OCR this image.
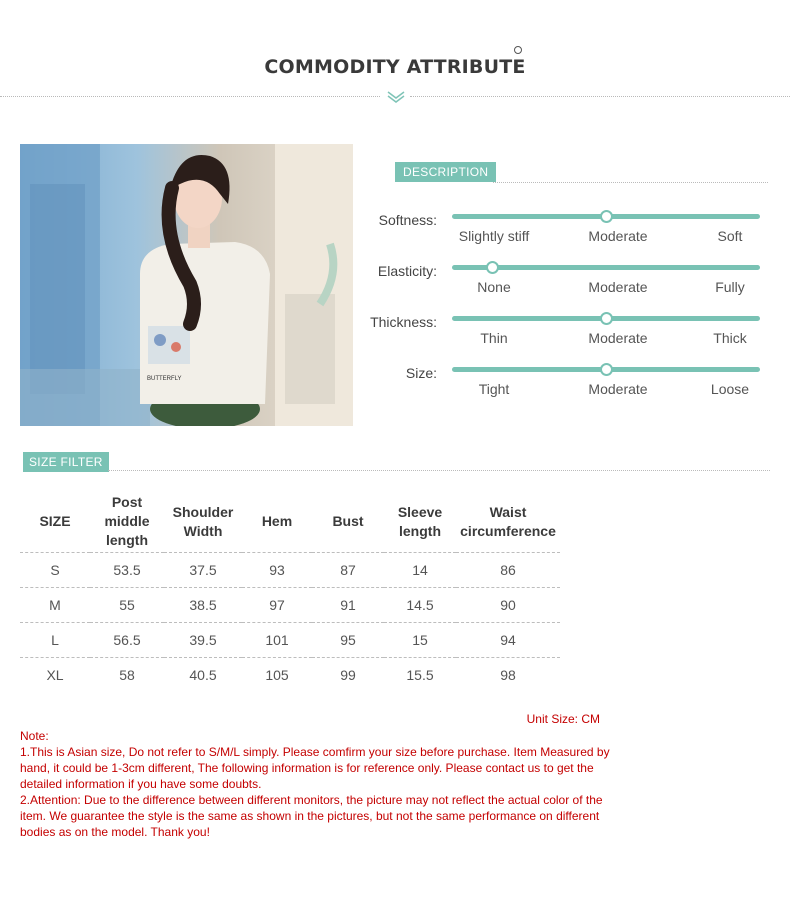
COMMODITY ATTRIBUTE
BUTTERFLY
DESCRIPTION
Softness:
Slightly stiff	Moderate	Soft
Elasticity:
None	Moderate	Fully
Thickness:
Thin	Moderate	Thick
Size:
Tight	Moderate	Loose
SIZE FILTER
SIZE	Post middle length	Shoulder Width	Hem	Bust	Sleeve length	Waist circumference
S	53.5	37.5	93	87	14	86
M	55	38.5	97	91	14.5	90
L	56.5	39.5	101	95	15	94
XL	58	40.5	105	99	15.5	98
Unit Size: CM

Note:

1.This is Asian size, Do not refer to S/M/L simply. Please comfirm your size before purchase. Item Measured by hand, it could be 1-3cm different, The following information is for reference only. Please contact us to get the detailed information if you have some doubts.

2.Attention: Due to the difference between different monitors, the picture may not reflect the actual color of the item. We guarantee the style is the same as shown in the pictures, but not the same performance on different bodies as on the model. Thank you!
